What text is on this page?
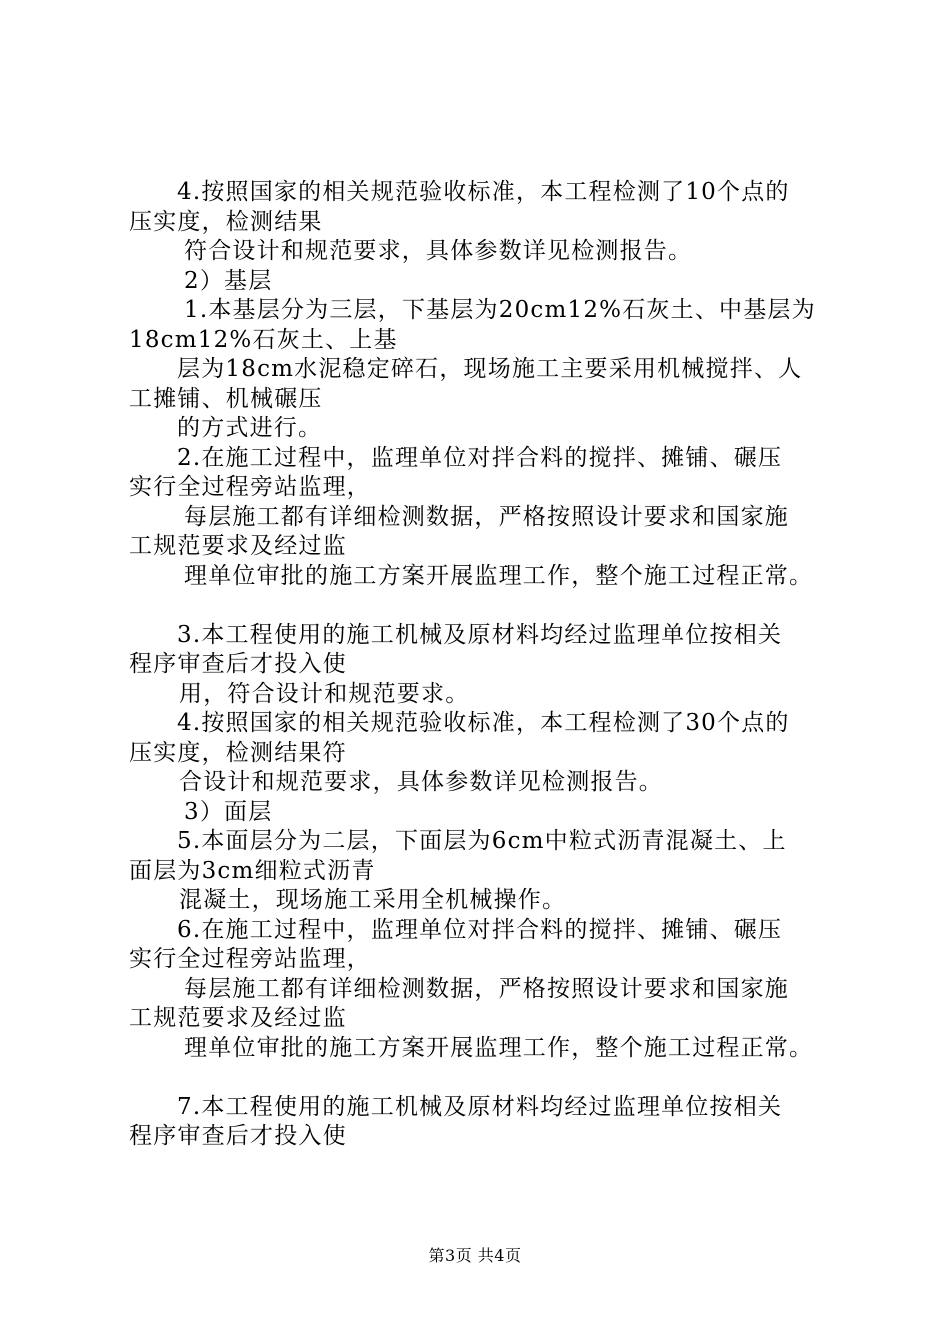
4.按照国家的相关规范验收标准，本工程检测了10个点的
压实度，检测结果
符合设计和规范要求，具体参数详见检测报告。
2）基层
1.本基层分为三层，下基层为20cm12%石灰土、中基层为
18cm12%石灰土、上基
层为18cm水泥稳定碎石，现场施工主要采用机械搅拌、人
工摊铺、机械碾压
的方式进行。
2.在施工过程中，监理单位对拌合料的搅拌、摊铺、碾压
实行全过程旁站监理，
每层施工都有详细检测数据，严格按照设计要求和国家施
工规范要求及经过监
理单位审批的施工方案开展监理工作，整个施工过程正常。
3.本工程使用的施工机械及原材料均经过监理单位按相关
程序审查后才投入使
用，符合设计和规范要求。
4.按照国家的相关规范验收标准，本工程检测了30个点的
压实度，检测结果符
合设计和规范要求，具体参数详见检测报告。
3）面层
5.本面层分为二层，下面层为6cm中粒式沥青混凝土、上
面层为3cm细粒式沥青
混凝土，现场施工采用全机械操作。
6.在施工过程中，监理单位对拌合料的搅拌、摊铺、碾压
实行全过程旁站监理，
每层施工都有详细检测数据，严格按照设计要求和国家施
工规范要求及经过监
理单位审批的施工方案开展监理工作，整个施工过程正常。
7.本工程使用的施工机械及原材料均经过监理单位按相关
程序审查后才投入使
第3页 共4页
